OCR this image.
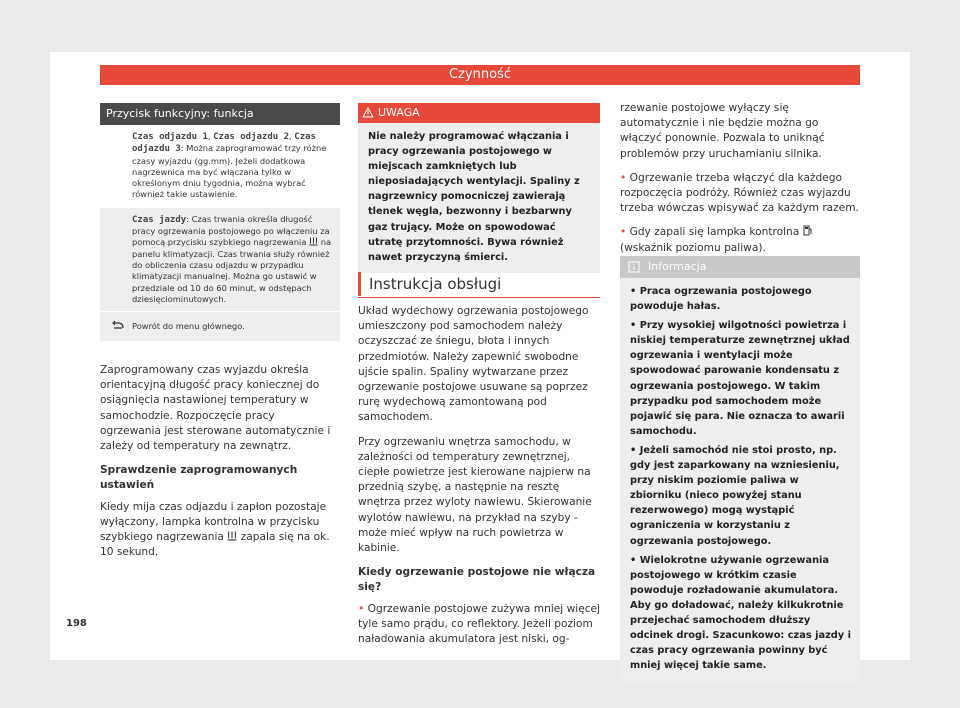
Czynność
Przycisk funkcyjny: funkcja
Czas odjazdu 1, Czas odjazdu 2, Czas odjazdu 3: Można zaprogramować trzy różne czasy wyjazdu (gg.mm). Jeżeli dodatkowa nagrzewnica ma być włączana tylko w określonym dniu tygodnia, można wybrać również takie ustawienie.
Czas jazdy: Czas trwania określa długość pracy ogrzewania postojowego po włączeniu za pomocą przycisku szybkiego nagrzewania na panelu klimatyzacji. Czas trwania służy również do obliczenia czasu odjazdu w przypadku klimatyzacji manualnej. Można go ustawić w przedziale od 10 do 60 minut, w odstępach dziesięciominutowych.
Powrót do menu głównego.

Zaprogramowany czas wyjazdu określa orientacyjną długość pracy koniecznej do osiągnięcia nastawionej temperatury w samochodzie. Rozpoczęcie pracy ogrzewania jest sterowane automatycznie i zależy od temperatury na zewnątrz.

Sprawdzenie zaprogramowanych ustawień

Kiedy mija czas odjazdu i zapłon pozostaje wyłączony, lampka kontrolna w przycisku szybkiego nagrzewania zapala się na ok. 10 sekund.

UWAGA
Nie należy programować włączania i pracy ogrzewania postojowego w miejscach zamkniętych lub nieposiadających wentylacji. Spaliny z nagrzewnicy pomocniczej zawierają tlenek węgla, bezwonny i bezbarwny gaz trujący. Może on spowodować utratę przytomności. Bywa również nawet przyczyną śmierci.
Instrukcja obsługi

Układ wydechowy ogrzewania postojowego umieszczony pod samochodem należy oczyszczać ze śniegu, błota i innych przedmiotów. Należy zapewnić swobodne ujście spalin. Spaliny wytwarzane przez ogrzewanie postojowe usuwane są poprzez rurę wydechową zamontowaną pod samochodem.

Przy ogrzewaniu wnętrza samochodu, w zależności od temperatury zewnętrznej, ciepłe powietrze jest kierowane najpierw na przednią szybę, a następnie na resztę wnętrza przez wyloty nawiewu. Skierowanie wylotów nawiewu, na przykład na szyby - może mieć wpływ na ruch powietrza w kabinie.

Kiedy ogrzewanie postojowe nie włącza się?

• Ogrzewanie postojowe zużywa mniej więcej tyle samo prądu, co reflektory. Jeżeli poziom naładowania akumulatora jest niski, og-

rzewanie postojowe wyłączy się automatycznie i nie będzie można go włączyć ponownie. Pozwala to uniknąć problemów przy uruchamianiu silnika.

• Ogrzewanie trzeba włączyć dla każdego rozpoczęcia podróży. Również czas wyjazdu trzeba wówczas wpisywać za każdym razem.

• Gdy zapali się lampka kontrolna  (wskaźnik poziomu paliwa).

Informacja

• Praca ogrzewania postojowego powoduje hałas.

• Przy wysokiej wilgotności powietrza i niskiej temperaturze zewnętrznej układ ogrzewania i wentylacji może spowodować parowanie kondensatu z ogrzewania postojowego. W takim przypadku pod samochodem może pojawić się para. Nie oznacza to awarii samochodu.

• Jeżeli samochód nie stoi prosto, np. gdy jest zaparkowany na wzniesieniu, przy niskim poziomie paliwa w zbiorniku (nieco powyżej stanu rezerwowego) mogą wystąpić ograniczenia w korzystaniu z ogrzewania postojowego.

• Wielokrotne używanie ogrzewania postojowego w krótkim czasie powoduje rozładowanie akumulatora. Aby go doładować, należy kilkukrotnie przejechać samochodem dłuższy odcinek drogi. Szacunkowo: czas jazdy i czas pracy ogrzewania powinny być mniej więcej takie same.

198
